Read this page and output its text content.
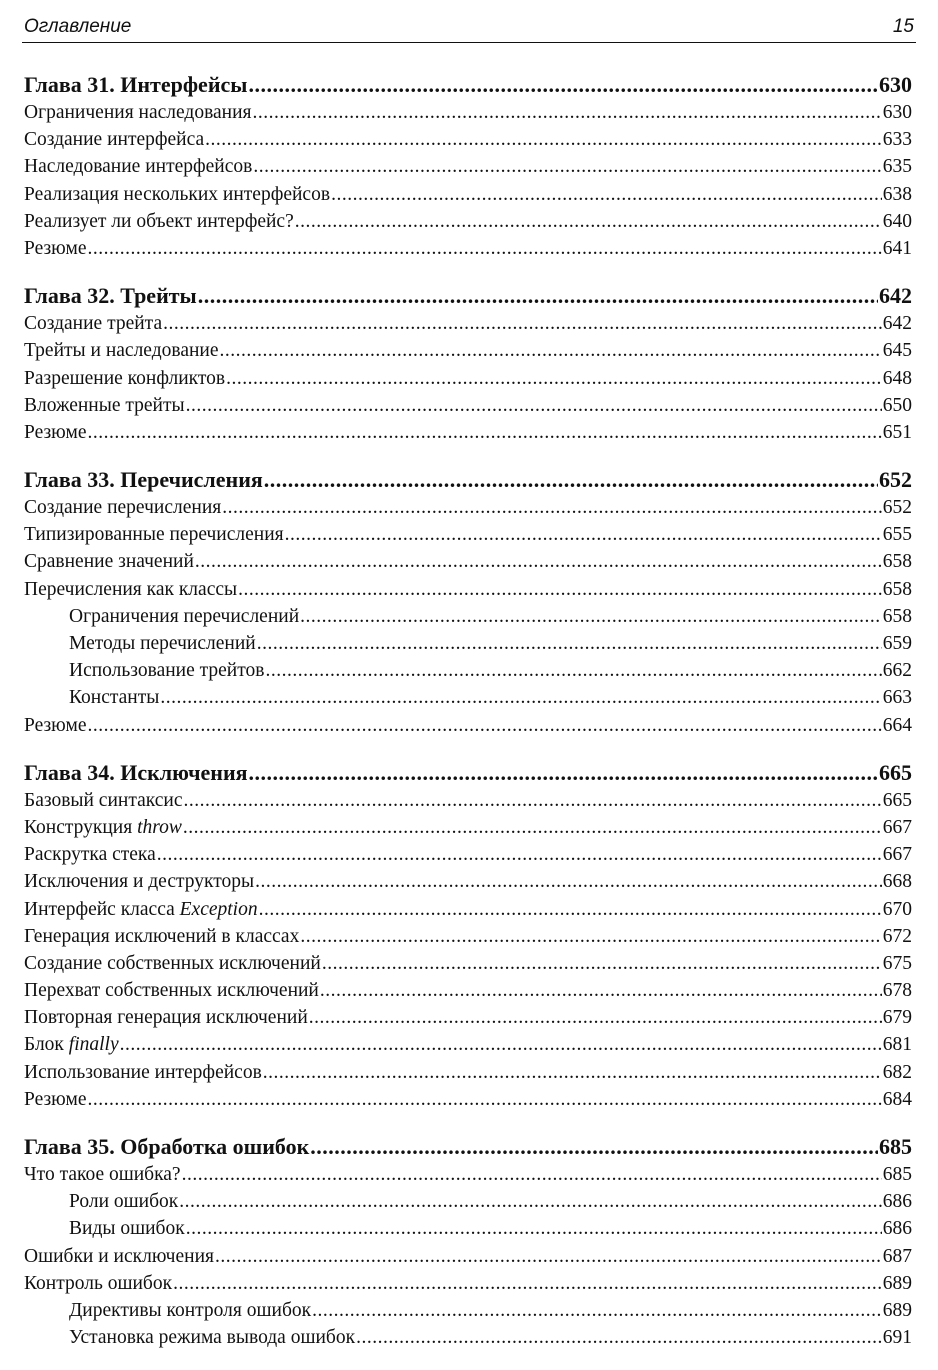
Оглавление	15
Глава 31. Интерфейсы .....	630
Ограничения наследования .....	630
Создание интерфейса .....	633
Наследование интерфейсов .....	635
Реализация нескольких интерфейсов .....	638
Реализует ли объект интерфейс? .....	640
Резюме .....	641
Глава 32. Трейты .....	642
Создание трейта .....	642
Трейты и наследование .....	645
Разрешение конфликтов .....	648
Вложенные трейты .....	650
Резюме .....	651
Глава 33. Перечисления .....	652
Создание перечисления .....	652
Типизированные перечисления .....	655
Сравнение значений .....	658
Перечисления как классы .....	658
Ограничения перечислений .....	658
Методы перечислений .....	659
Использование трейтов .....	662
Константы .....	663
Резюме .....	664
Глава 34. Исключения .....	665
Базовый синтаксис .....	665
Конструкция throw .....	667
Раскрутка стека .....	667
Исключения и деструкторы .....	668
Интерфейс класса Exception .....	670
Генерация исключений в классах .....	672
Создание собственных исключений .....	675
Перехват собственных исключений .....	678
Повторная генерация исключений .....	679
Блок finally .....	681
Использование интерфейсов .....	682
Резюме .....	684
Глава 35. Обработка ошибок .....	685
Что такое ошибка? .....	685
Роли ошибок .....	686
Виды ошибок .....	686
Ошибки и исключения .....	687
Контроль ошибок .....	689
Директивы контроля ошибок .....	689
Установка режима вывода ошибок .....	691
